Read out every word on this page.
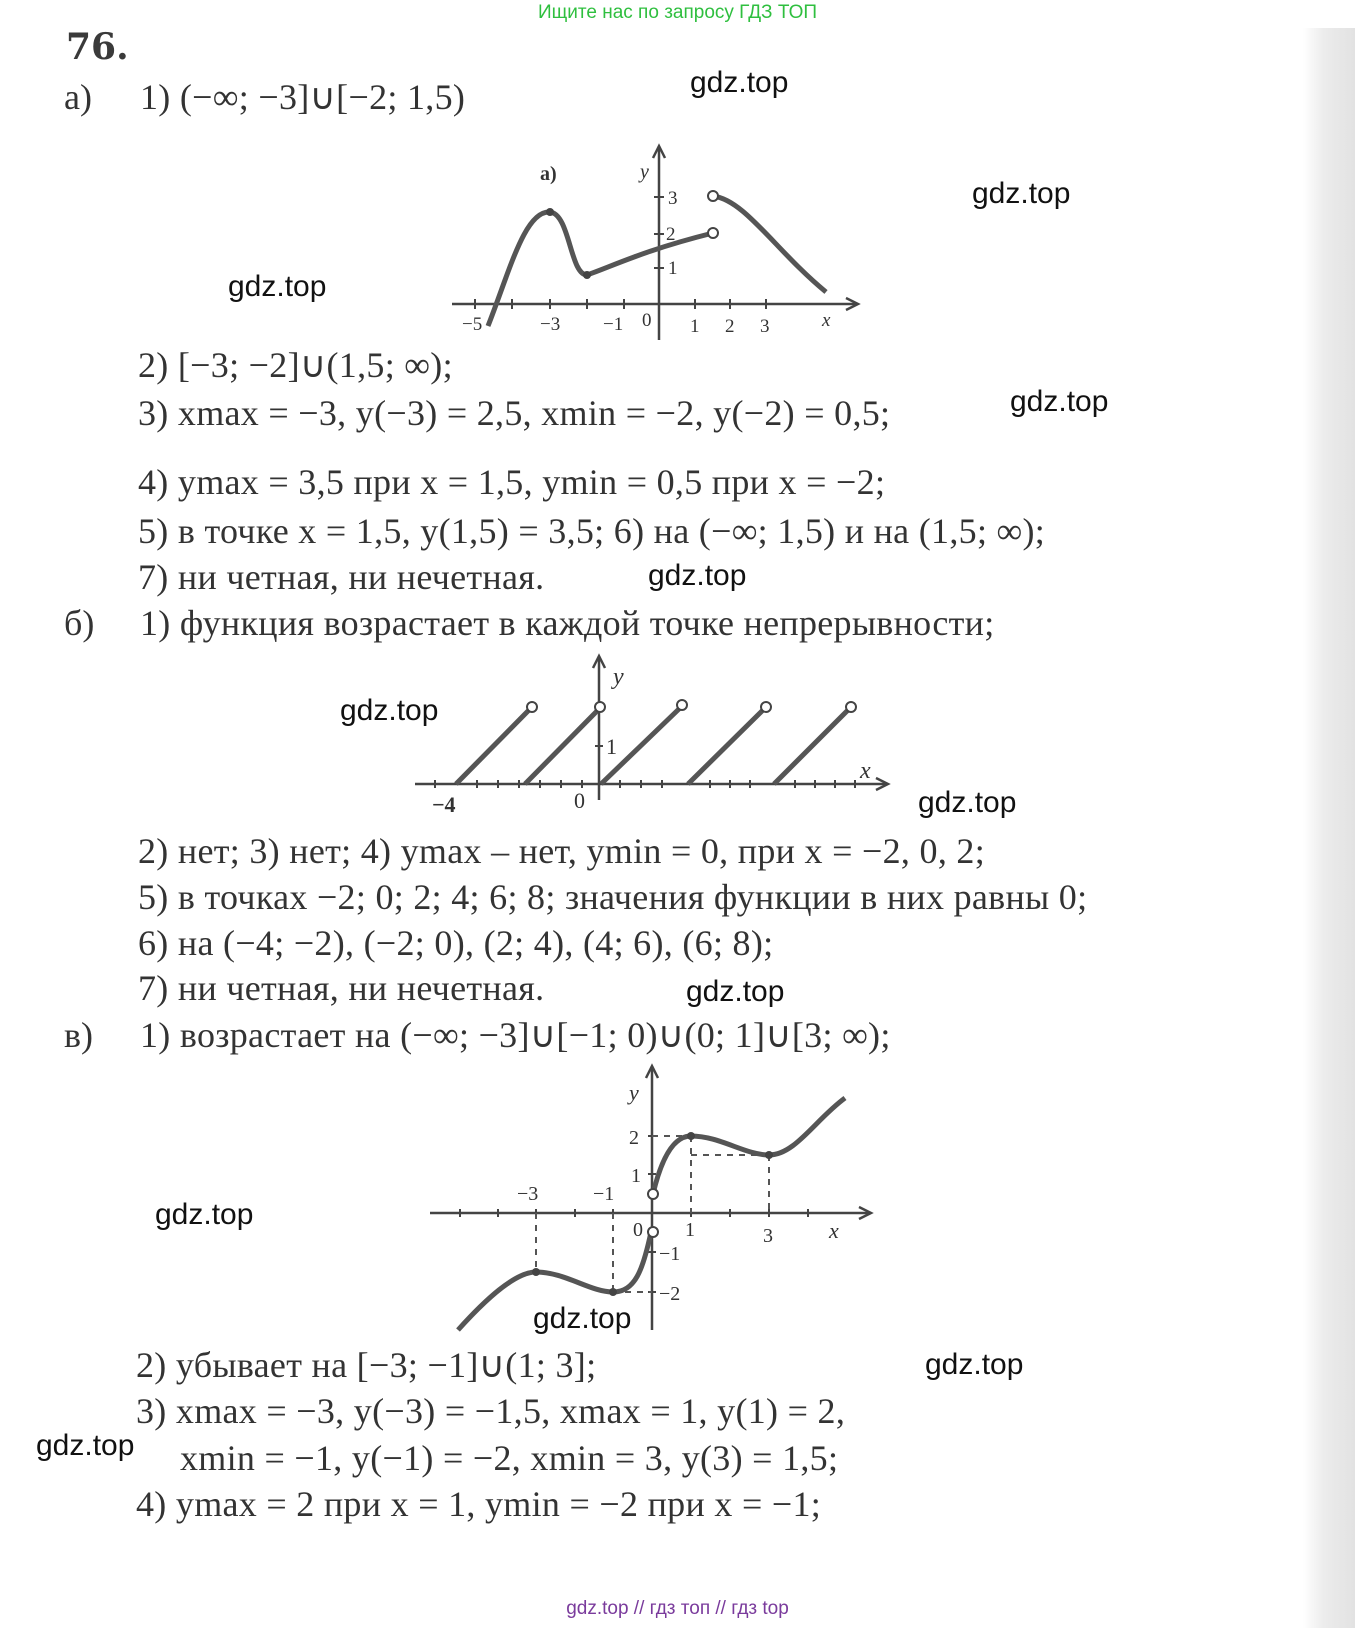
Ищите нас по запросу ГДЗ ТОП
76.
gdz.top
gdz.top
gdz.top
gdz.top
gdz.top
gdz.top
gdz.top
gdz.top
gdz.top
gdz.top
gdz.top
gdz.top
а) 1) (−∞; −3]∪[−2; 1,5)
а)
−5	−3 −1 0 1 2 3
3
2
1
x
y
2) [−3; −2]∪(1,5; ∞);
3) xmax = −3, y(−3) = 2,5, xmin = −2, y(−2) = 0,5;
4) ymax = 3,5 при x = 1,5, ymin = 0,5 при x = −2;
5) в точке x = 1,5, y(1,5) = 3,5; 6) на (−∞; 1,5) и на (1,5; ∞);
7) ни четная, ни нечетная.
б) 1) функция возрастает в каждой точке непрерывности;
−4	0
1
x
y
2) нет; 3) нет; 4) ymax – нет, ymin = 0, при x = −2, 0, 2;
5) в точках −2; 0; 2; 4; 6; 8; значения функции в них равны 0;
6) на (−4; −2), (−2; 0), (2; 4), (4; 6), (6; 8);
7) ни четная, ни нечетная.
в) 1) возрастает на (−∞; −3]∪[−1; 0)∪(0; 1]∪[3; ∞);
−3	−1
0 1	3
2
1
−1
−2
x
y
2) убывает на [−3; −1]∪(1; 3];
3) xmax = −3, y(−3) = −1,5, xmax = 1, y(1) = 2,
xmin = −1, y(−1) = −2, xmin = 3, y(3) = 1,5;
4) ymax = 2 при x = 1, ymin = −2 при x = −1;
gdz.top // гдз топ // гдз top
